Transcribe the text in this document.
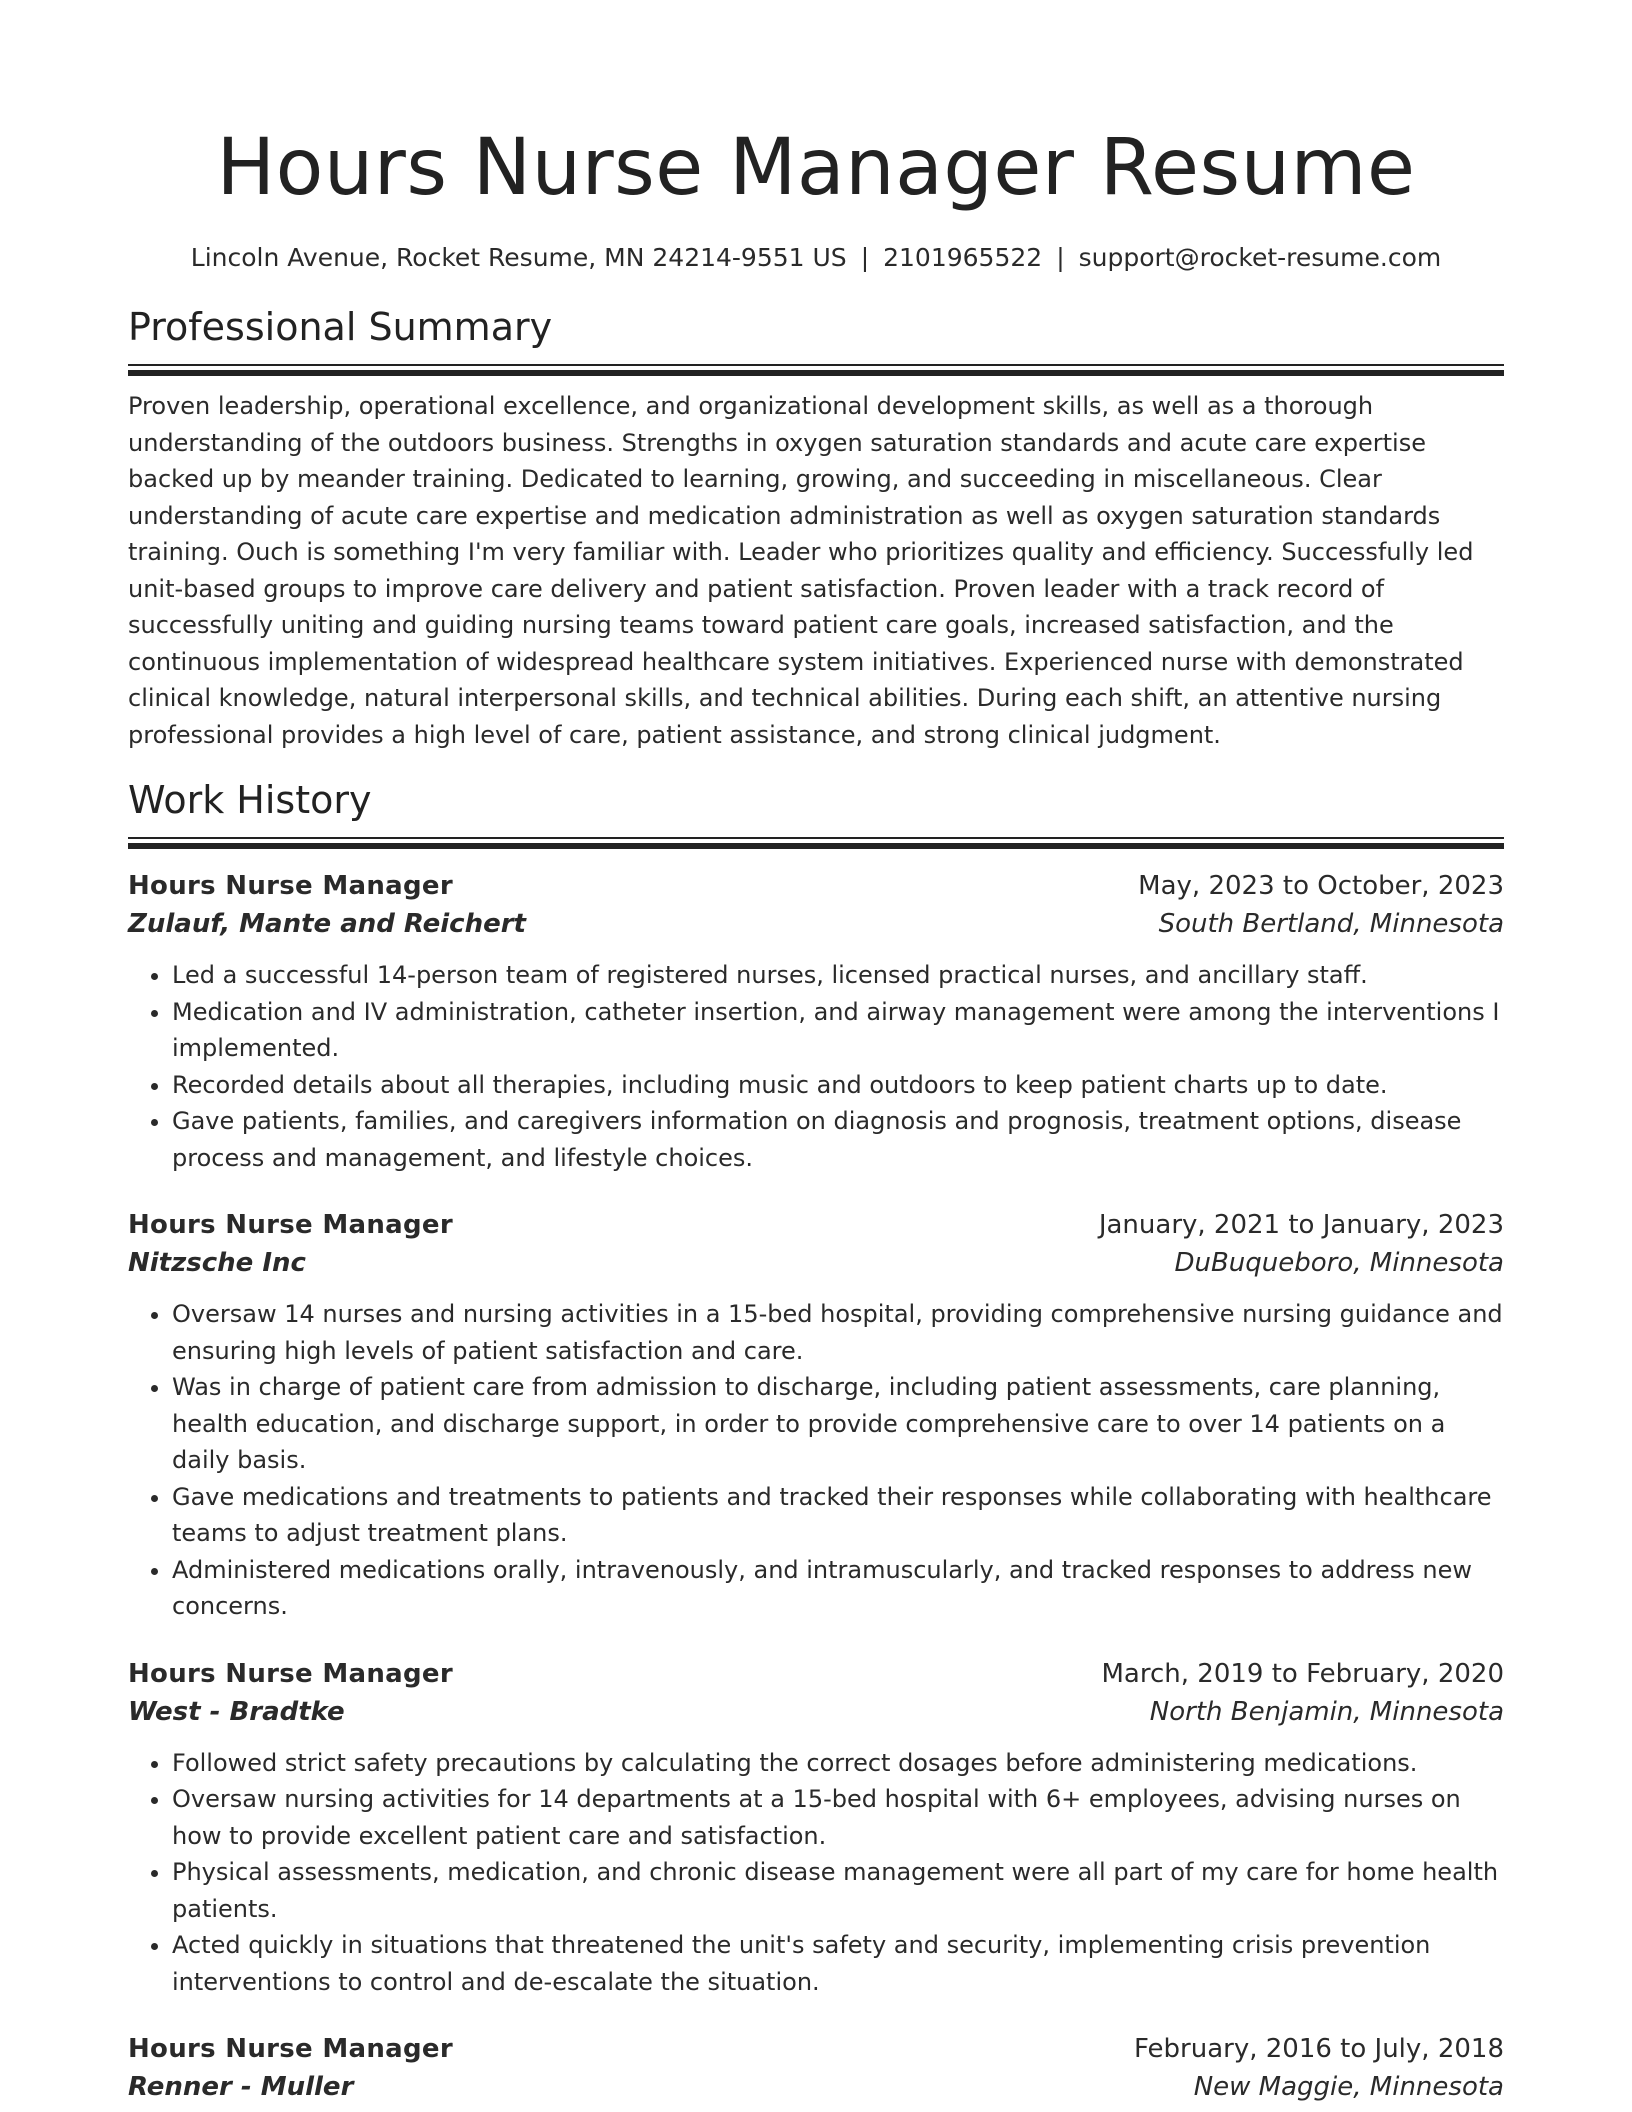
Hours Nurse Manager Resume
Lincoln Avenue, Rocket Resume, MN 24214-9551 US | 2101965522 | support@rocket-resume.com
Professional Summary

Proven leadership, operational excellence, and organizational development skills, as well as a thorough understanding of the outdoors business. Strengths in oxygen saturation standards and acute care expertise backed up by meander training. Dedicated to learning, growing, and succeeding in miscellaneous. Clear understanding of acute care expertise and medication administration as well as oxygen saturation standards training. Ouch is something I'm very familiar with. Leader who prioritizes quality and efficiency. Successfully led unit-based groups to improve care delivery and patient satisfaction. Proven leader with a track record of successfully uniting and guiding nursing teams toward patient care goals, increased satisfaction, and the continuous implementation of widespread healthcare system initiatives. Experienced nurse with demonstrated clinical knowledge, natural interpersonal skills, and technical abilities. During each shift, an attentive nursing professional provides a high level of care, patient assistance, and strong clinical judgment.

Work History
Hours Nurse Manager	May, 2023 to October, 2023
Zulauf, Mante and Reichert	South Bertland, Minnesota
• Led a successful 14-person team of registered nurses, licensed practical nurses, and ancillary staff.
• Medication and IV administration, catheter insertion, and airway management were among the interventions I implemented.
• Recorded details about all therapies, including music and outdoors to keep patient charts up to date.
• Gave patients, families, and caregivers information on diagnosis and prognosis, treatment options, disease process and management, and lifestyle choices.
Hours Nurse Manager	January, 2021 to January, 2023
Nitzsche Inc	DuBuqueboro, Minnesota
• Oversaw 14 nurses and nursing activities in a 15-bed hospital, providing comprehensive nursing guidance and ensuring high levels of patient satisfaction and care.
• Was in charge of patient care from admission to discharge, including patient assessments, care planning, health education, and discharge support, in order to provide comprehensive care to over 14 patients on a daily basis.
• Gave medications and treatments to patients and tracked their responses while collaborating with healthcare teams to adjust treatment plans.
• Administered medications orally, intravenously, and intramuscularly, and tracked responses to address new concerns.
Hours Nurse Manager	March, 2019 to February, 2020
West - Bradtke	North Benjamin, Minnesota
• Followed strict safety precautions by calculating the correct dosages before administering medications.
• Oversaw nursing activities for 14 departments at a 15-bed hospital with 6+ employees, advising nurses on how to provide excellent patient care and satisfaction.
• Physical assessments, medication, and chronic disease management were all part of my care for home health patients.
• Acted quickly in situations that threatened the unit's safety and security, implementing crisis prevention interventions to control and de-escalate the situation.
Hours Nurse Manager	February, 2016 to July, 2018
Renner - Muller	New Maggie, Minnesota
